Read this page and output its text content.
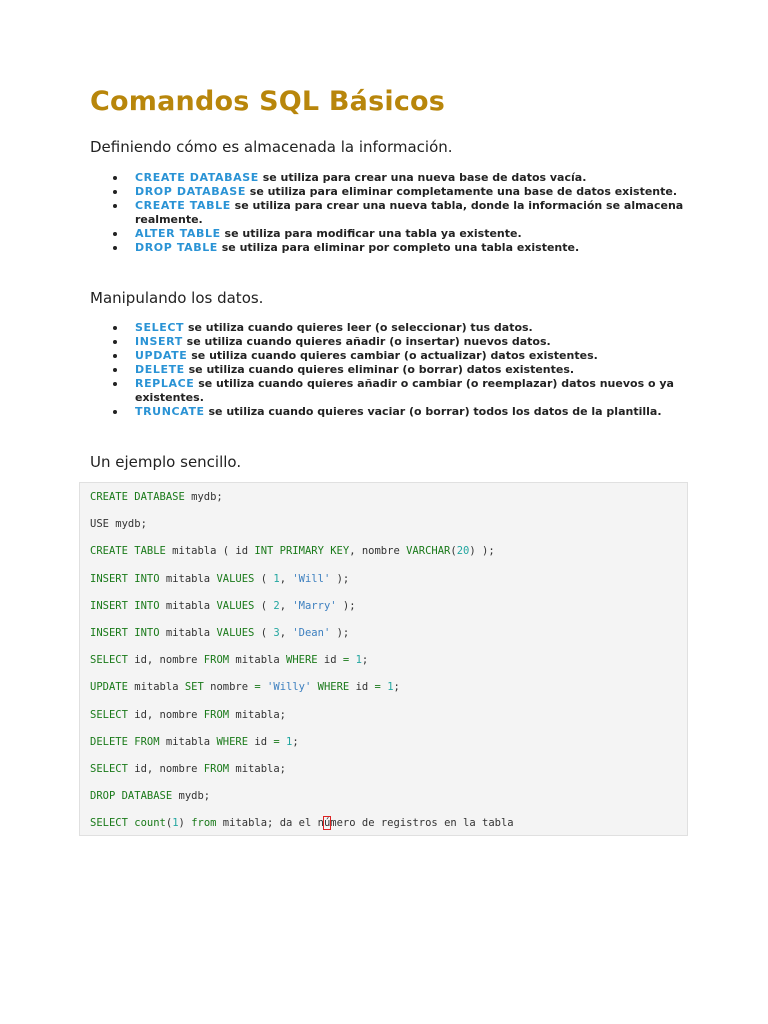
Comandos SQL Básicos
Definiendo cómo es almacenada la información.
CREATE DATABASE se utiliza para crear una nueva base de datos vacía.
DROP DATABASE se utiliza para eliminar completamente una base de datos existente.
CREATE TABLE se utiliza para crear una nueva tabla, donde la información se almacena realmente.
ALTER TABLE se utiliza para modificar una tabla ya existente.
DROP TABLE se utiliza para eliminar por completo una tabla existente.
Manipulando los datos.
SELECT se utiliza cuando quieres leer (o seleccionar) tus datos.
INSERT se utiliza cuando quieres añadir (o insertar) nuevos datos.
UPDATE se utiliza cuando quieres cambiar (o actualizar) datos existentes.
DELETE se utiliza cuando quieres eliminar (o borrar) datos existentes.
REPLACE se utiliza cuando quieres añadir o cambiar (o reemplazar) datos nuevos o ya existentes.
TRUNCATE se utiliza cuando quieres vaciar (o borrar) todos los datos de la plantilla.
Un ejemplo sencillo.
CREATE DATABASE mydb;
USE mydb;
CREATE TABLE mitabla ( id INT PRIMARY KEY, nombre VARCHAR(20) );
INSERT INTO mitabla VALUES ( 1, 'Will' );
INSERT INTO mitabla VALUES ( 2, 'Marry' );
INSERT INTO mitabla VALUES ( 3, 'Dean' );
SELECT id, nombre FROM mitabla WHERE id = 1;
UPDATE mitabla SET nombre = 'Willy' WHERE id = 1;
SELECT id, nombre FROM mitabla;
DELETE FROM mitabla WHERE id = 1;
SELECT id, nombre FROM mitabla;
DROP DATABASE mydb;
SELECT count(1) from mitabla; da el número de registros en la tabla
